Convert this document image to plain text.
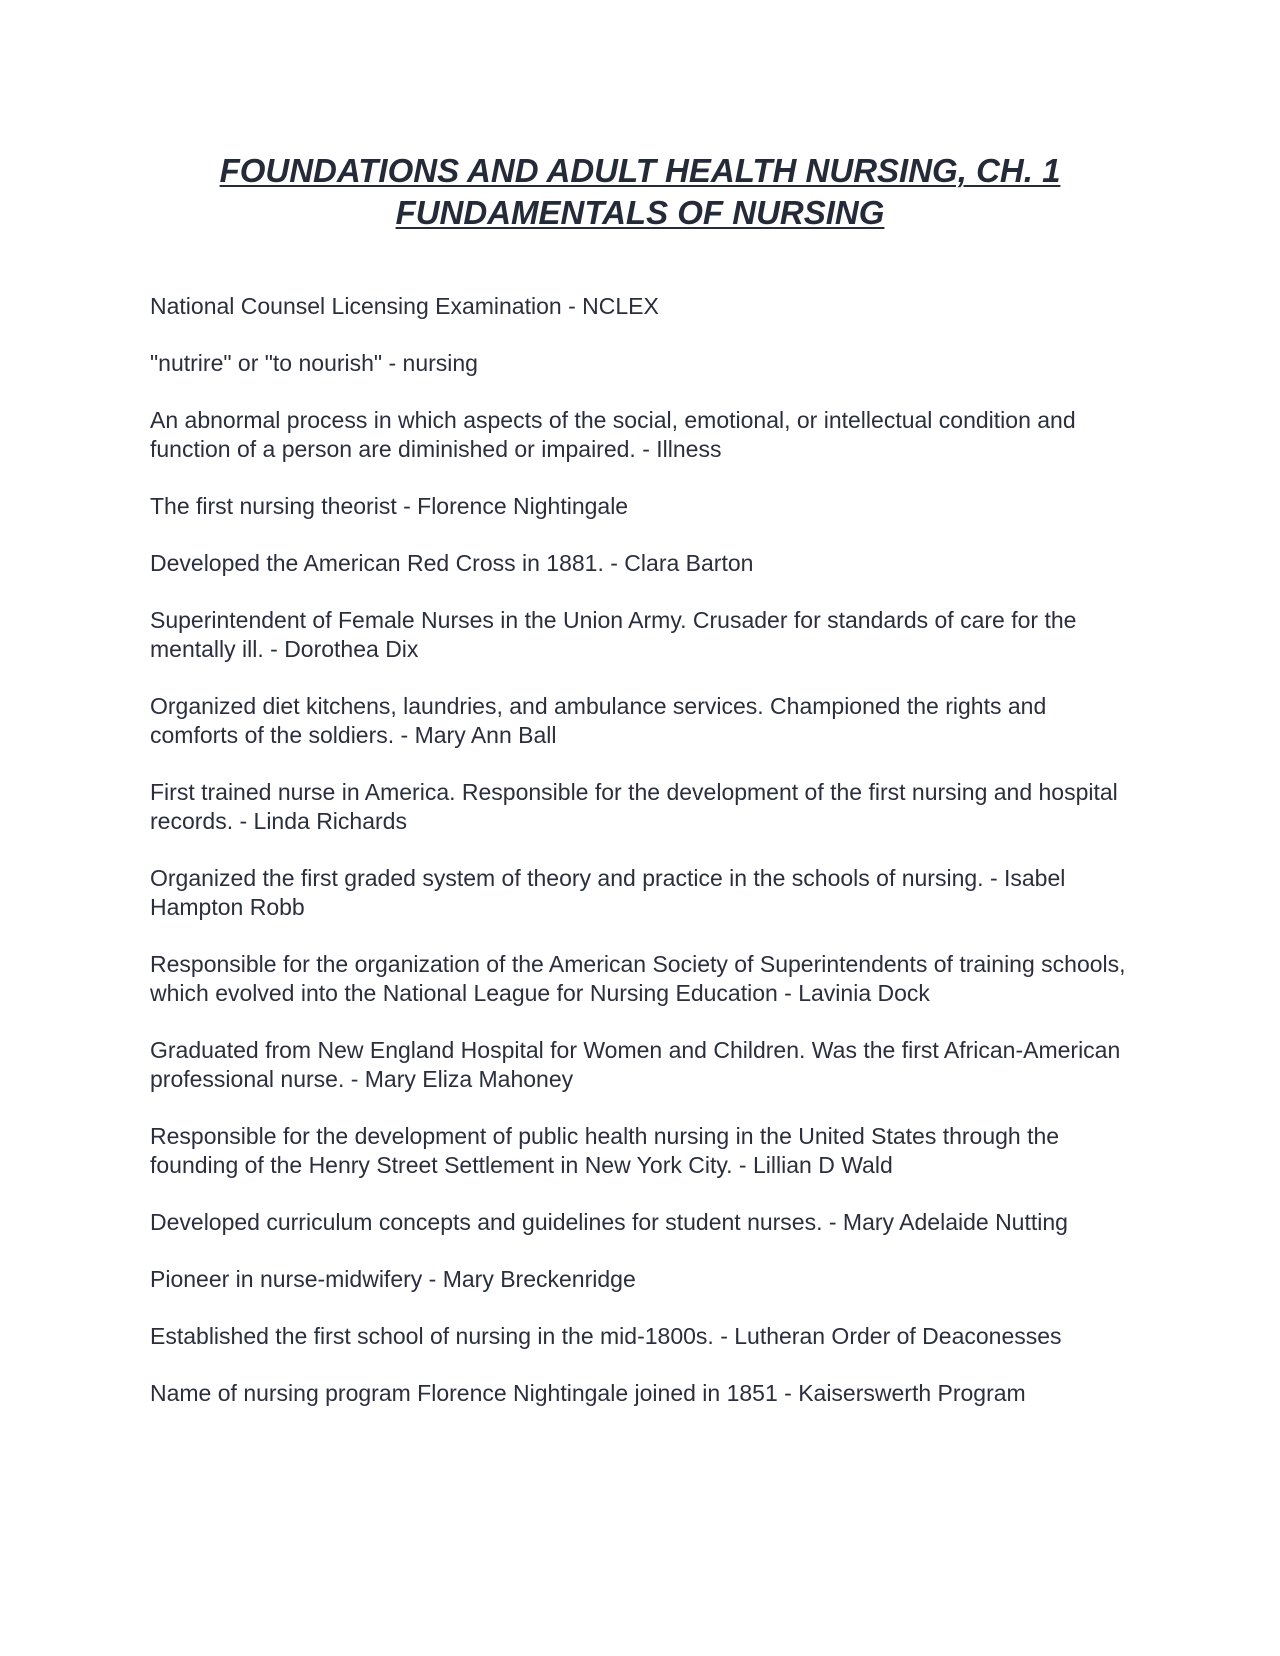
FOUNDATIONS AND ADULT HEALTH NURSING, CH. 1
FUNDAMENTALS OF NURSING
National Counsel Licensing Examination - NCLEX
"nutrire" or "to nourish" - nursing
An abnormal process in which aspects of the social, emotional, or intellectual condition and function of a person are diminished or impaired. - Illness
The first nursing theorist - Florence Nightingale
Developed the American Red Cross in 1881. - Clara Barton
Superintendent of Female Nurses in the Union Army. Crusader for standards of care for the mentally ill. - Dorothea Dix
Organized diet kitchens, laundries, and ambulance services. Championed the rights and comforts of the soldiers. - Mary Ann Ball
First trained nurse in America. Responsible for the development of the first nursing and hospital records. - Linda Richards
Organized the first graded system of theory and practice in the schools of nursing. - Isabel Hampton Robb
Responsible for the organization of the American Society of Superintendents of training schools, which evolved into the National League for Nursing Education - Lavinia Dock
Graduated from New England Hospital for Women and Children. Was the first African-American professional nurse. - Mary Eliza Mahoney
Responsible for the development of public health nursing in the United States through the founding of the Henry Street Settlement in New York City. - Lillian D Wald
Developed curriculum concepts and guidelines for student nurses. - Mary Adelaide Nutting
Pioneer in nurse-midwifery - Mary Breckenridge
Established the first school of nursing in the mid-1800s. - Lutheran Order of Deaconesses
Name of nursing program Florence Nightingale joined in 1851 - Kaiserswerth Program
